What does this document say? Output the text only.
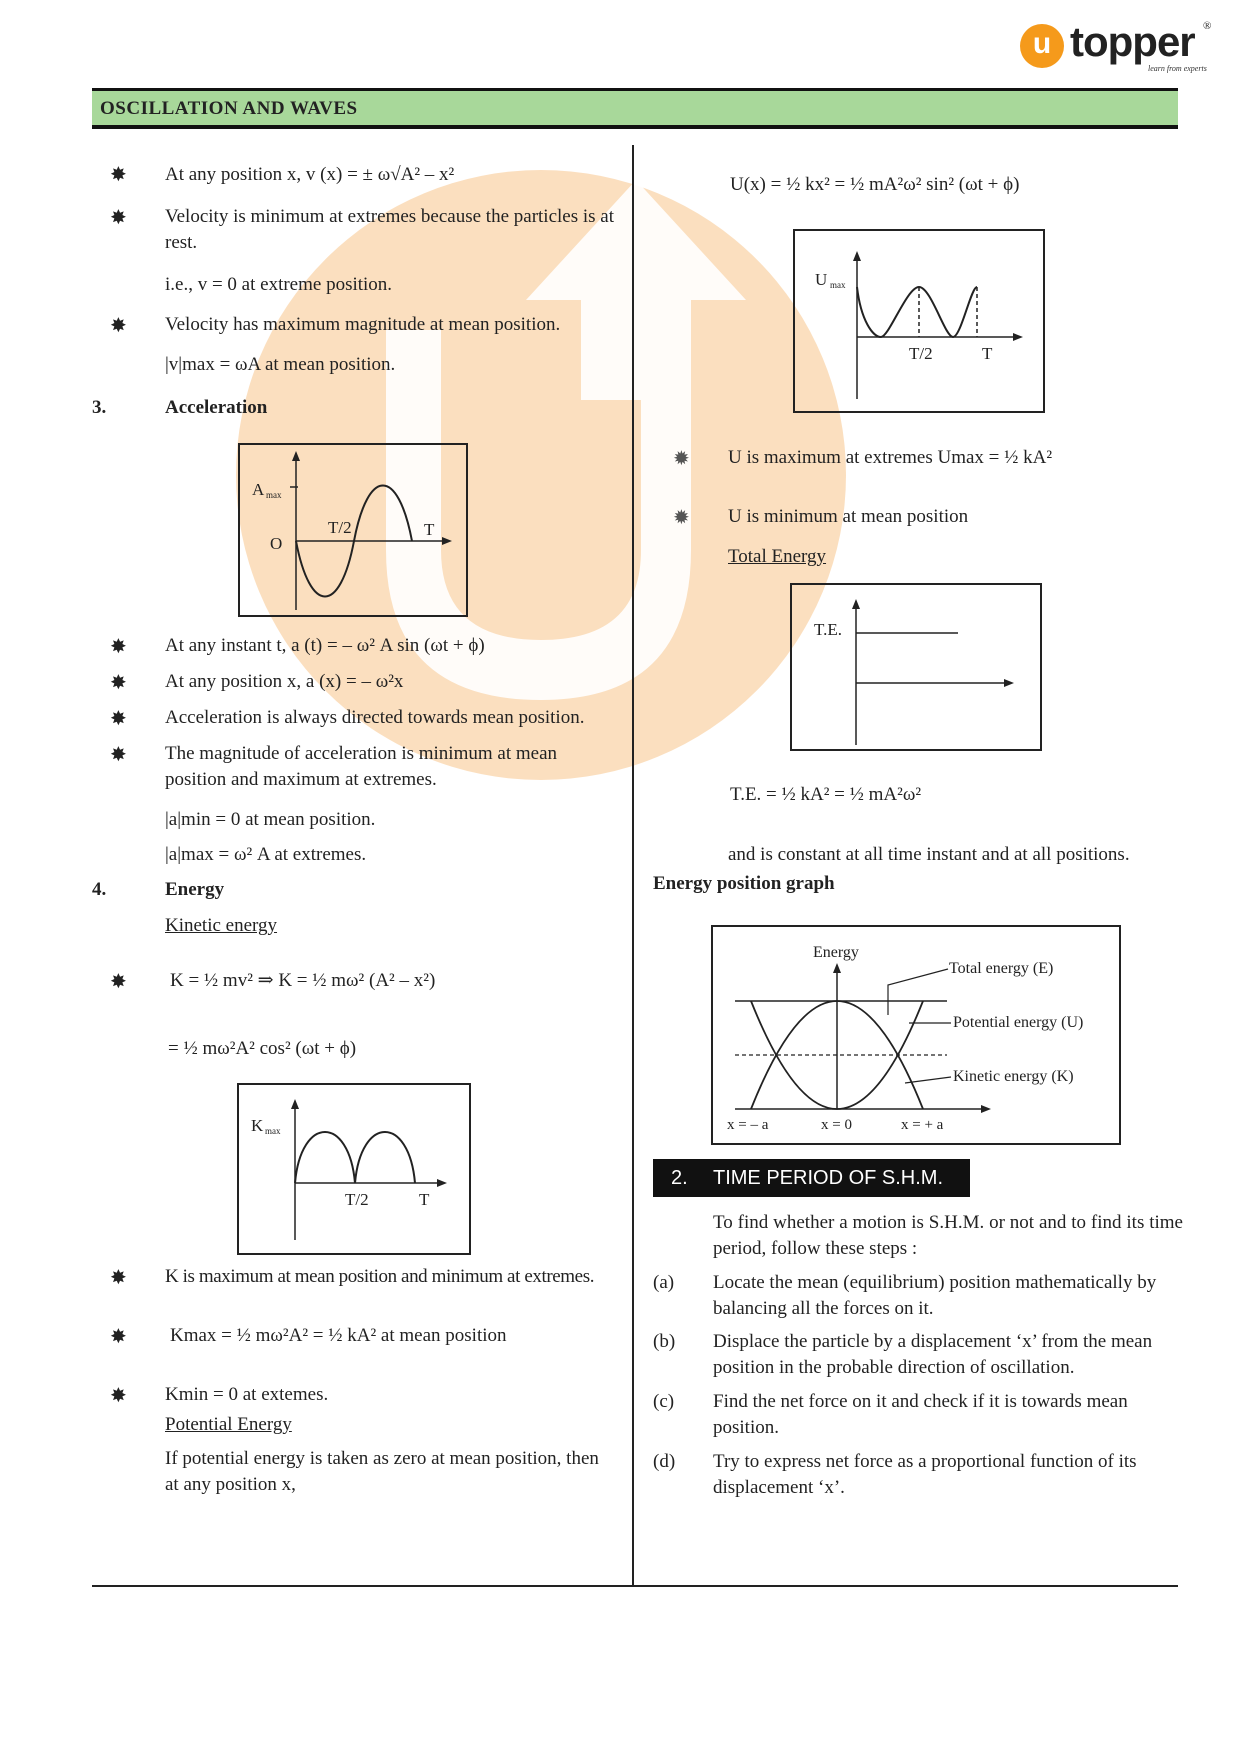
u topper ®
learn from experts
OSCILLATION AND WAVES
✸ At any position x, v (x) = ± ω√A² – x²
✸ Velocity is minimum at extremes because the particles is at rest.
i.e., v = 0 at extreme position.
✸ Velocity has maximum magnitude at mean position.
|v|max = ωA at mean position.
3.	Acceleration
A max
O
T/2	T
✸ At any instant t, a (t) = – ω² A sin (ωt + ϕ)
✸ At any position x, a (x) = – ω²x
✸ Acceleration is always directed towards mean position.
✸ The magnitude of acceleration is minimum at mean position and maximum at extremes.
|a|min = 0 at mean position.
|a|max = ω² A at extremes.
4.	Energy
Kinetic energy
✸ K = ½ mv² ⇒ K = ½ mω² (A² – x²)
= ½ mω²A² cos² (ωt + ϕ)
K max
T/2	T
✸ K is maximum at mean position and minimum at extremes.
✸ Kmax = ½ mω²A² = ½ kA² at mean position
✸ Kmin = 0 at extemes.
Potential Energy
If potential energy is taken as zero at mean position, then at any position x,
U(x) = ½ kx² = ½ mA²ω² sin² (ωt + ϕ)
U max
T/2	T
✹ U is maximum at extremes Umax = ½ kA²
✹ U is minimum at mean position
Total Energy
T.E.
T.E. = ½ kA² = ½ mA²ω²
and is constant at all time instant and at all positions.
Energy position graph
Energy
Total energy (E)
Potential energy (U)
Kinetic energy (K)
x = – a	x = 0	x = + a
2. TIME PERIOD OF S.H.M.
To find whether a motion is S.H.M. or not and to find its time period, follow these steps :
(a) Locate the mean (equilibrium) position mathematically by balancing all the forces on it.
(b) Displace the particle by a displacement ‘x’ from the mean position in the probable direction of oscillation.
(c) Find the net force on it and check if it is towards mean position.
(d) Try to express net force as a proportional function of its displacement ‘x’.
